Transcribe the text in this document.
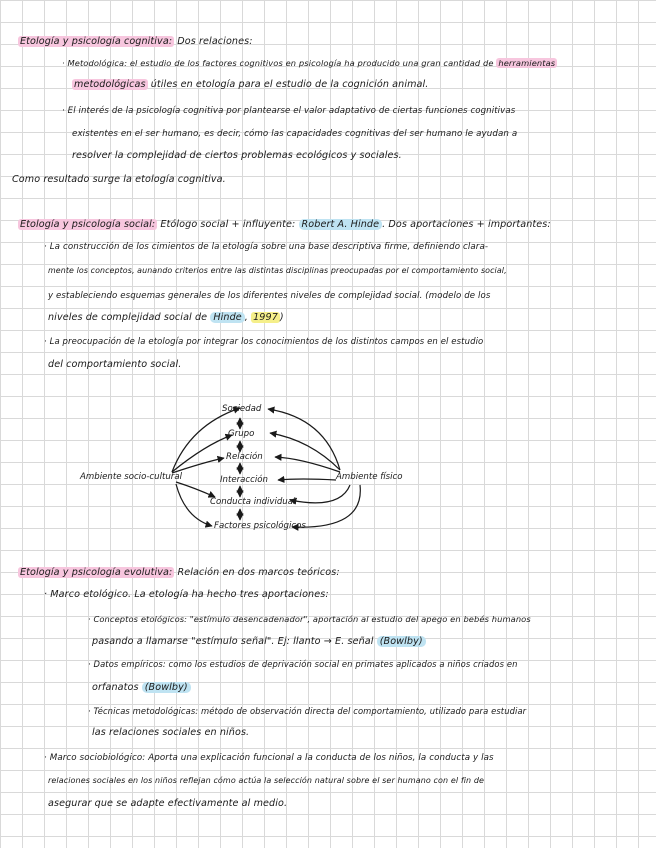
Etología y psicología cognitiva: Dos relaciones:
· Metodológica: el estudio de los factores cognitivos en psicología ha producido una gran cantidad de herramientas
metodológicas útiles en etología para el estudio de la cognición animal.
· El interés de la psicología cognitiva por plantearse el valor adaptativo de ciertas funciones cognitivas
existentes en el ser humano, es decir, cómo las capacidades cognitivas del ser humano le ayudan a
resolver la complejidad de ciertos problemas ecológicos y sociales.
Como resultado surge la etología cognitiva.
Etología y psicología social: Etólogo social + influyente: Robert A. Hinde . Dos aportaciones + importantes:
· La construcción de los cimientos de la etología sobre una base descriptiva firme, definiendo clara-
mente los conceptos, aunando criterios entre las distintas disciplinas preocupadas por el comportamiento social,
y estableciendo esquemas generales de los diferentes niveles de complejidad social. (modelo de los
niveles de complejidad social de Hinde , 1997 )
· La preocupación de la etología por integrar los conocimientos de los distintos campos en el estudio
del comportamiento social.
Ambiente socio-cultural	Ambiente físico
Sociedad
Grupo
Relación
Interacción
Conducta individual
Factores psicológicos
Etología y psicología evolutiva: Relación en dos marcos teóricos:
· Marco etológico. La etología ha hecho tres aportaciones:
· Conceptos etológicos: "estímulo desencadenador", aportación al estudio del apego en bebés humanos
pasando a llamarse "estímulo señal". Ej: llanto → E. señal (Bowlby)
· Datos empíricos: como los estudios de deprivación social en primates aplicados a niños criados en
orfanatos (Bowlby)
· Técnicas metodológicas: método de observación directa del comportamiento, utilizado para estudiar
las relaciones sociales en niños.
· Marco sociobiológico: Aporta una explicación funcional a la conducta de los niños, la conducta y las
relaciones sociales en los niños reflejan cómo actúa la selección natural sobre el ser humano con el fin de
asegurar que se adapte efectivamente al medio.
